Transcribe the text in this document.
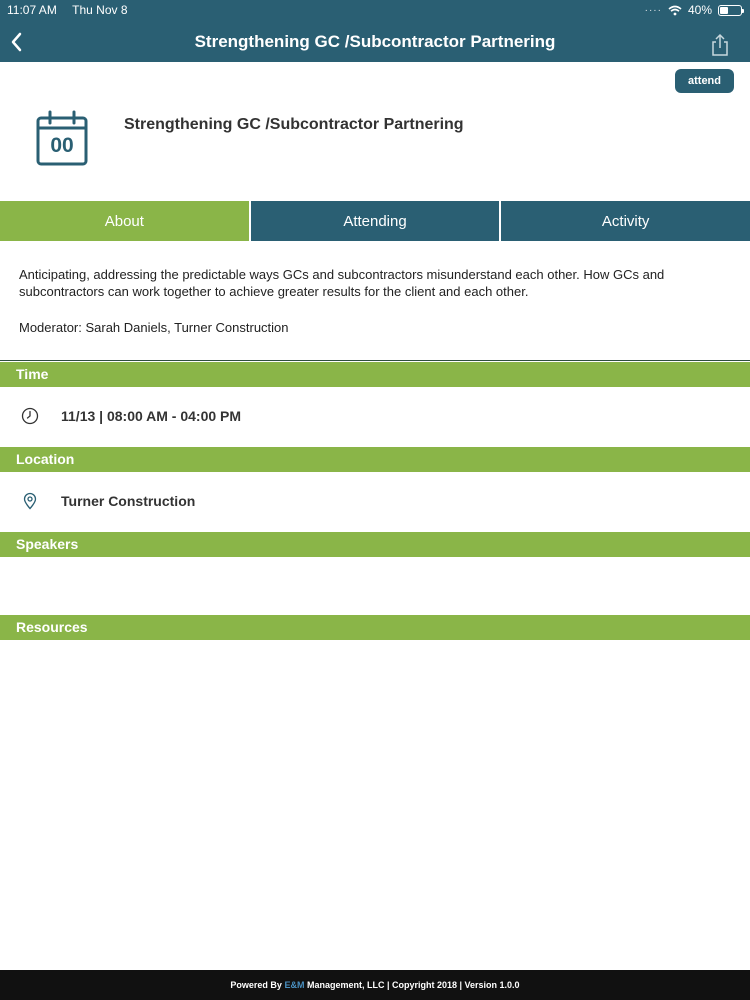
11:07 AM Thu Nov 8	···· 40%
Strengthening GC /Subcontractor Partnering
attend
00
Strengthening GC /Subcontractor Partnering
About	Attending	Activity
Anticipating, addressing the predictable ways GCs and subcontractors misunderstand each other. How GCs and subcontractors can work together to achieve greater results for the client and each other.
Moderator: Sarah Daniels, Turner Construction
Time
11/13 | 08:00 AM - 04:00 PM
Location
Turner Construction
Speakers
Resources
Powered By E&M Management, LLC | Copyright 2018 | Version 1.0.0
